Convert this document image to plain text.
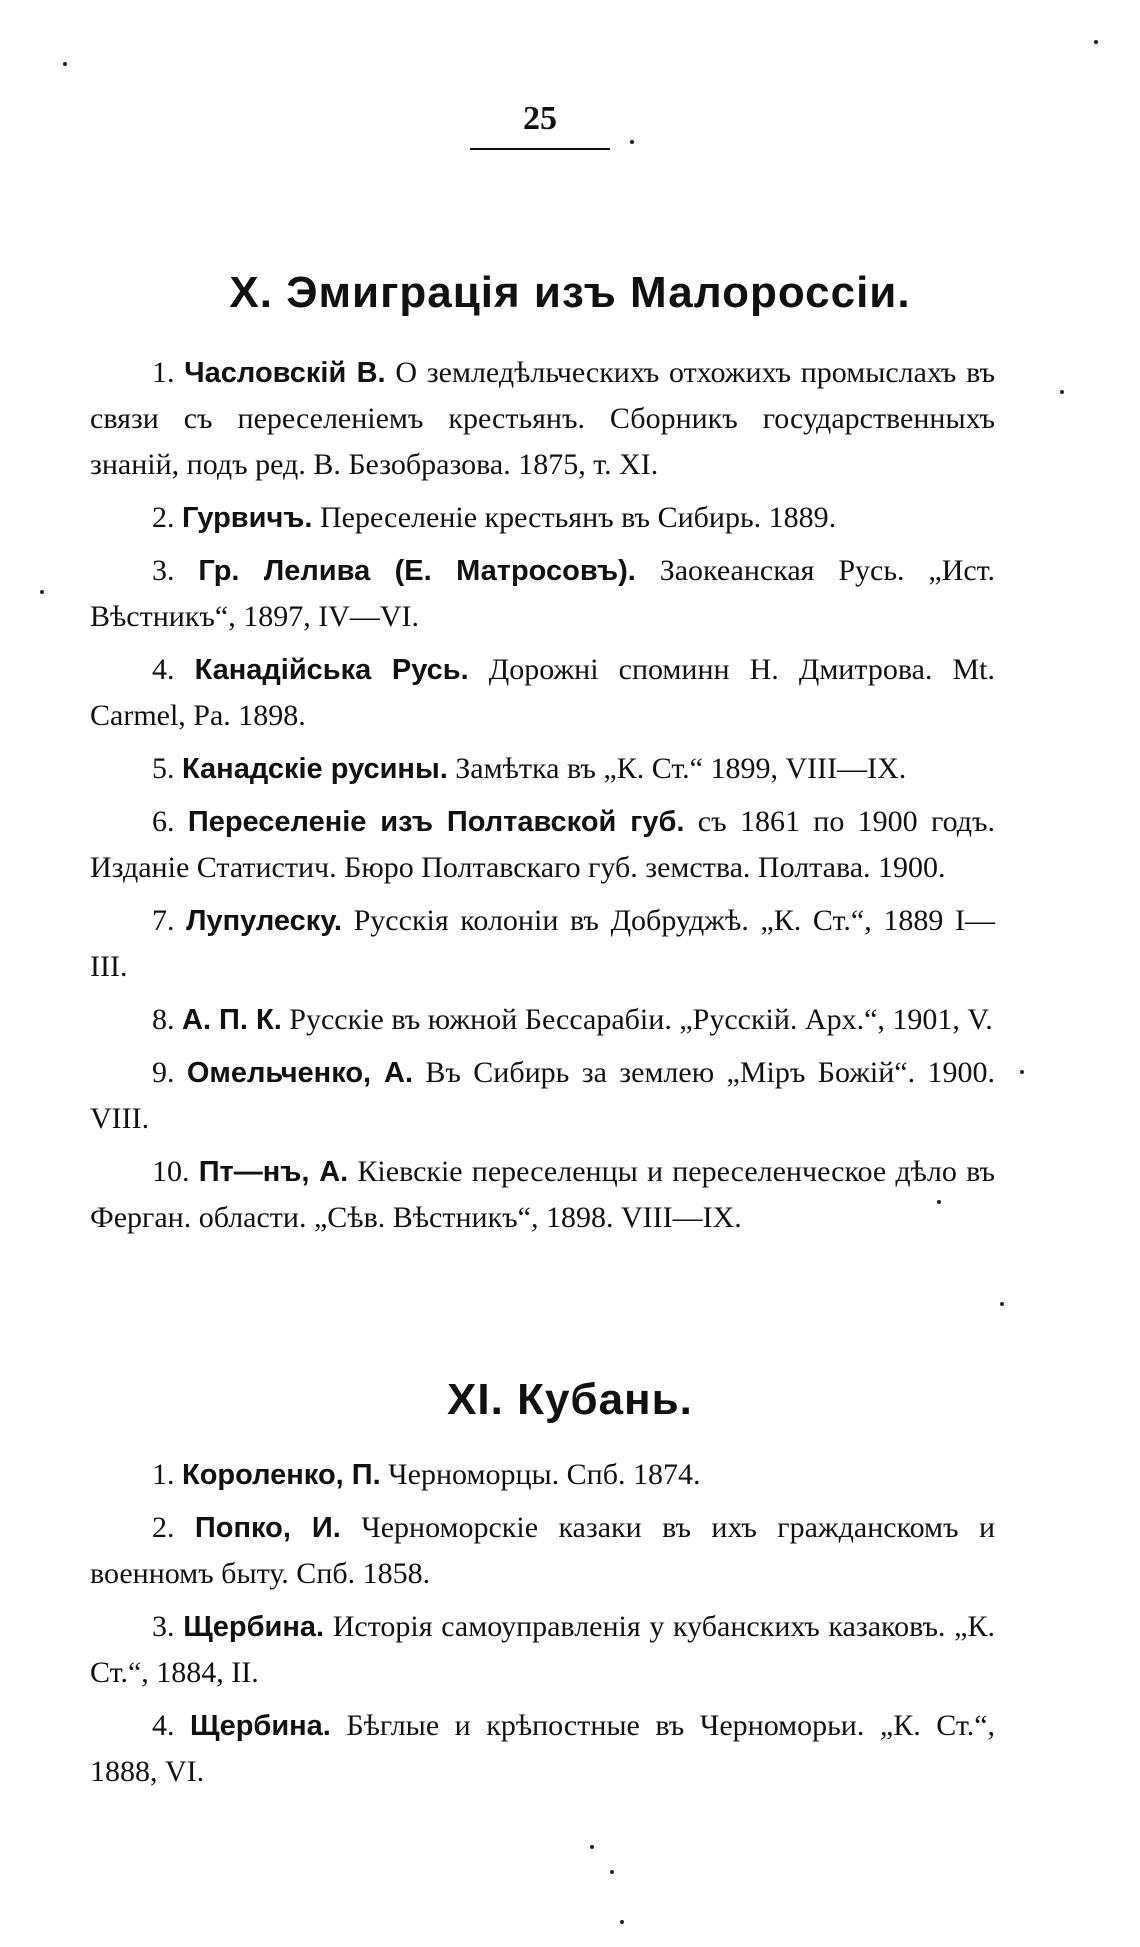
25
X. Эмиграція изъ Малороссіи.

1. Часловскій В. О земледѣльческихъ отхожихъ промыслахъ въ связи съ переселеніемъ крестьянъ. Сборникъ государственныхъ знаній, подъ ред. В. Безобразова. 1875, т. XI.

2. Гурвичъ. Переселеніе крестьянъ въ Сибирь. 1889.

3. Гр. Лелива (Е. Матросовъ). Заокеанская Русь. „Ист. Вѣстникъ“, 1897, IV—VI.

4. Канадійська Русь. Дорожні споминн Н. Дмитрова. Mt. Carmel, Pa. 1898.

5. Канадскіе русины. Замѣтка въ „К. Ст.“ 1899, VIII—IX.

6. Переселеніе изъ Полтавской губ. съ 1861 по 1900 годъ. Изданіе Статистич. Бюро Полтавскаго губ. земства. Полтава. 1900.

7. Лупулеску. Русскія колоніи въ Добруджѣ. „К. Ст.“, 1889 I—III.

8. А. П. К. Русскіе въ южной Бессарабіи. „Русскій. Арх.“, 1901, V.

9. Омельченко, А. Въ Сибирь за землею „Міръ Божій“. 1900. VIII.

10. Пт—нъ, А. Кіевскіе переселенцы и переселенческое дѣло въ Ферган. области. „Сѣв. Вѣстникъ“, 1898. VIII—IX.

XI. Кубань.

1. Короленко, П. Черноморцы. Спб. 1874.

2. Попко, И. Черноморскіе казаки въ ихъ гражданскомъ и военномъ быту. Спб. 1858.

3. Щербина. Исторія самоуправленія у кубанскихъ казаковъ. „К. Ст.“, 1884, II.

4. Щербина. Бѣглые и крѣпостные въ Черноморьи. „К. Ст.“, 1888, VI.
